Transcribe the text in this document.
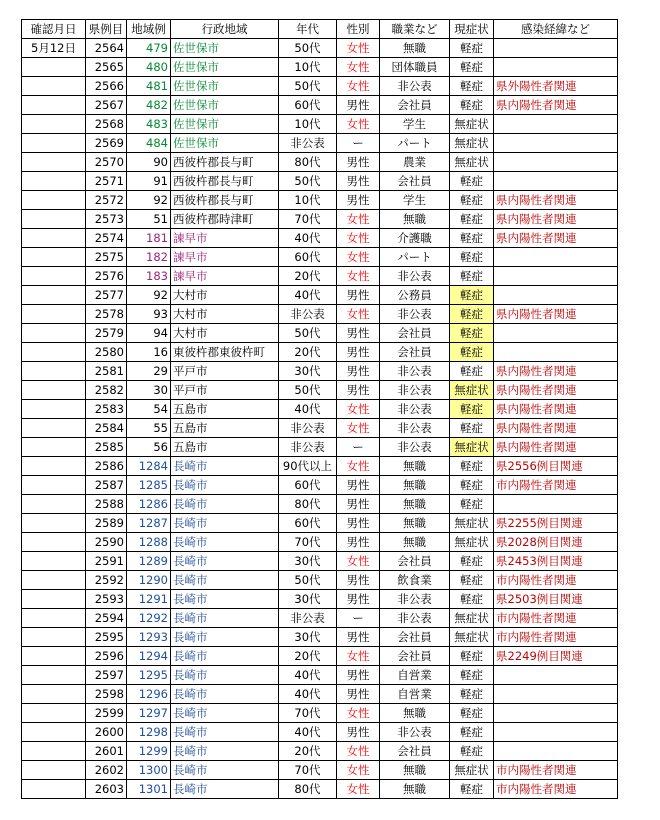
確認月日	県例目	地域例	行政地域	年代	性別	職業など	現症状	感染経緯など
5月12日	2564	479	佐世保市	50代	女性	無職	軽症	
	2565	480	佐世保市	10代	女性	団体職員	軽症	
	2566	481	佐世保市	50代	女性	非公表	軽症	県外陽性者関連
	2567	482	佐世保市	60代	男性	会社員	軽症	県内陽性者関連
	2568	483	佐世保市	10代	女性	学生	無症状	
	2569	484	佐世保市	非公表	ー	パート	無症状	
	2570	90	西彼杵郡長与町	80代	男性	農業	無症状	
	2571	91	西彼杵郡長与町	50代	男性	会社員	軽症	
	2572	92	西彼杵郡長与町	10代	男性	学生	軽症	県内陽性者関連
	2573	51	西彼杵郡時津町	70代	女性	無職	軽症	県内陽性者関連
	2574	181	諫早市	40代	女性	介護職	軽症	県内陽性者関連
	2575	182	諫早市	60代	女性	パート	軽症	
	2576	183	諫早市	20代	女性	非公表	軽症	
	2577	92	大村市	40代	男性	公務員	軽症	
	2578	93	大村市	非公表	女性	非公表	軽症	県内陽性者関連
	2579	94	大村市	50代	男性	会社員	軽症	
	2580	16	東彼杵郡東彼杵町	20代	男性	会社員	軽症	
	2581	29	平戸市	30代	男性	非公表	軽症	県内陽性者関連
	2582	30	平戸市	50代	男性	非公表	無症状	県内陽性者関連
	2583	54	五島市	40代	女性	非公表	軽症	県内陽性者関連
	2584	55	五島市	非公表	女性	非公表	軽症	県内陽性者関連
	2585	56	五島市	非公表	ー	非公表	無症状	県内陽性者関連
	2586	1284	長崎市	90代以上	女性	無職	軽症	県2556例目関連
	2587	1285	長崎市	60代	男性	無職	軽症	市内陽性者関連
	2588	1286	長崎市	80代	男性	無職	軽症	
	2589	1287	長崎市	60代	男性	無職	無症状	県2255例目関連
	2590	1288	長崎市	70代	男性	無職	無症状	県2028例目関連
	2591	1289	長崎市	30代	女性	会社員	軽症	県2453例目関連
	2592	1290	長崎市	50代	男性	飲食業	軽症	市内陽性者関連
	2593	1291	長崎市	30代	男性	非公表	軽症	県2503例目関連
	2594	1292	長崎市	非公表	ー	非公表	無症状	市内陽性者関連
	2595	1293	長崎市	30代	男性	会社員	無症状	市内陽性者関連
	2596	1294	長崎市	20代	女性	会社員	軽症	県2249例目関連
	2597	1295	長崎市	40代	男性	自営業	軽症	
	2598	1296	長崎市	40代	男性	自営業	軽症	
	2599	1297	長崎市	70代	女性	無職	軽症	
	2600	1298	長崎市	40代	男性	非公表	軽症	
	2601	1299	長崎市	20代	女性	会社員	軽症	
	2602	1300	長崎市	70代	女性	無職	無症状	市内陽性者関連
	2603	1301	長崎市	80代	女性	無職	軽症	市内陽性者関連
